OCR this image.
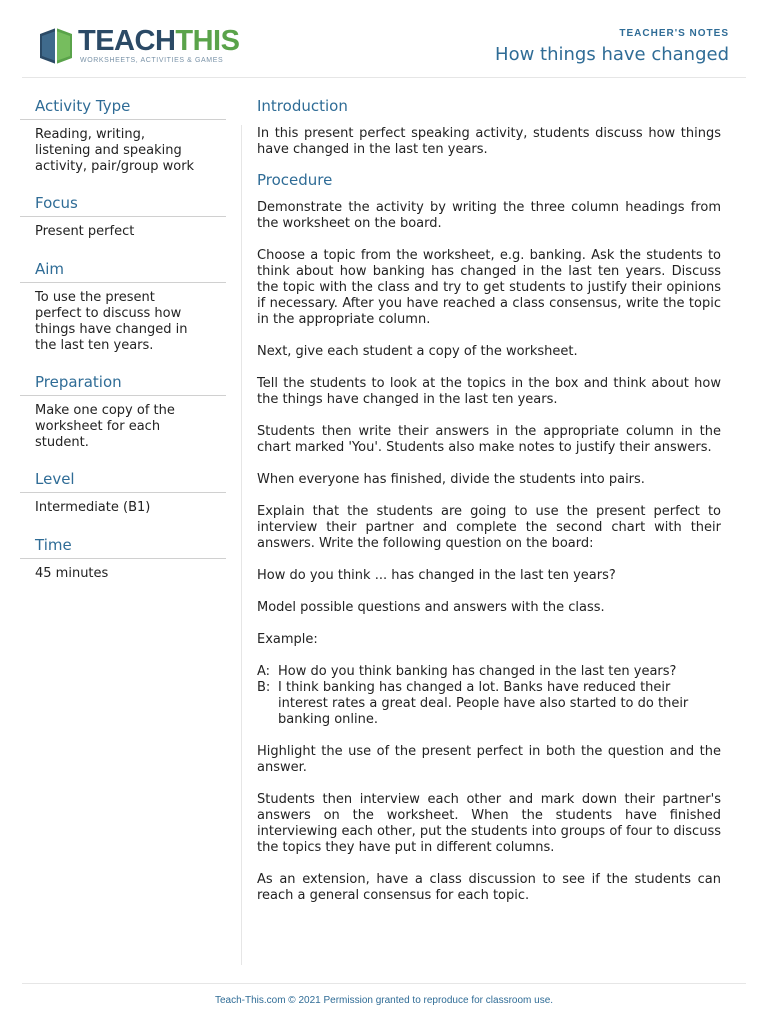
TEACHTHIS
WORKSHEETS, ACTIVITIES & GAMES
TEACHER'S NOTES
How things have changed
Activity Type
Reading, writing,
listening and speaking
activity, pair/group work
Focus
Present perfect
Aim
To use the present
perfect to discuss how
things have changed in
the last ten years.
Preparation
Make one copy of the
worksheet for each
student.
Level
Intermediate (B1)
Time
45 minutes
Introduction

In this present perfect speaking activity, students discuss how things have changed in the last ten years.

Procedure

Demonstrate the activity by writing the three column headings from the worksheet on the board.

Choose a topic from the worksheet, e.g. banking. Ask the students to think about how banking has changed in the last ten years. Discuss the topic with the class and try to get students to justify their opinions if necessary. After you have reached a class consensus, write the topic in the appropriate column.

Next, give each student a copy of the worksheet.

Tell the students to look at the topics in the box and think about how the things have changed in the last ten years.

Students then write their answers in the appropriate column in the chart marked 'You'. Students also make notes to justify their answers.

When everyone has finished, divide the students into pairs.

Explain that the students are going to use the present perfect to interview their partner and complete the second chart with their answers. Write the following question on the board:

How do you think ... has changed in the last ten years?

Model possible questions and answers with the class.

Example:

A: How do you think banking has changed in the last ten years?
B: I think banking has changed a lot. Banks have reduced their interest rates a great deal. People have also started to do their banking online.

Highlight the use of the present perfect in both the question and the answer.

Students then interview each other and mark down their partner's answers on the worksheet. When the students have finished interviewing each other, put the students into groups of four to discuss the topics they have put in different columns.

As an extension, have a class discussion to see if the students can reach a general consensus for each topic.

Teach-This.com © 2021 Permission granted to reproduce for classroom use.
